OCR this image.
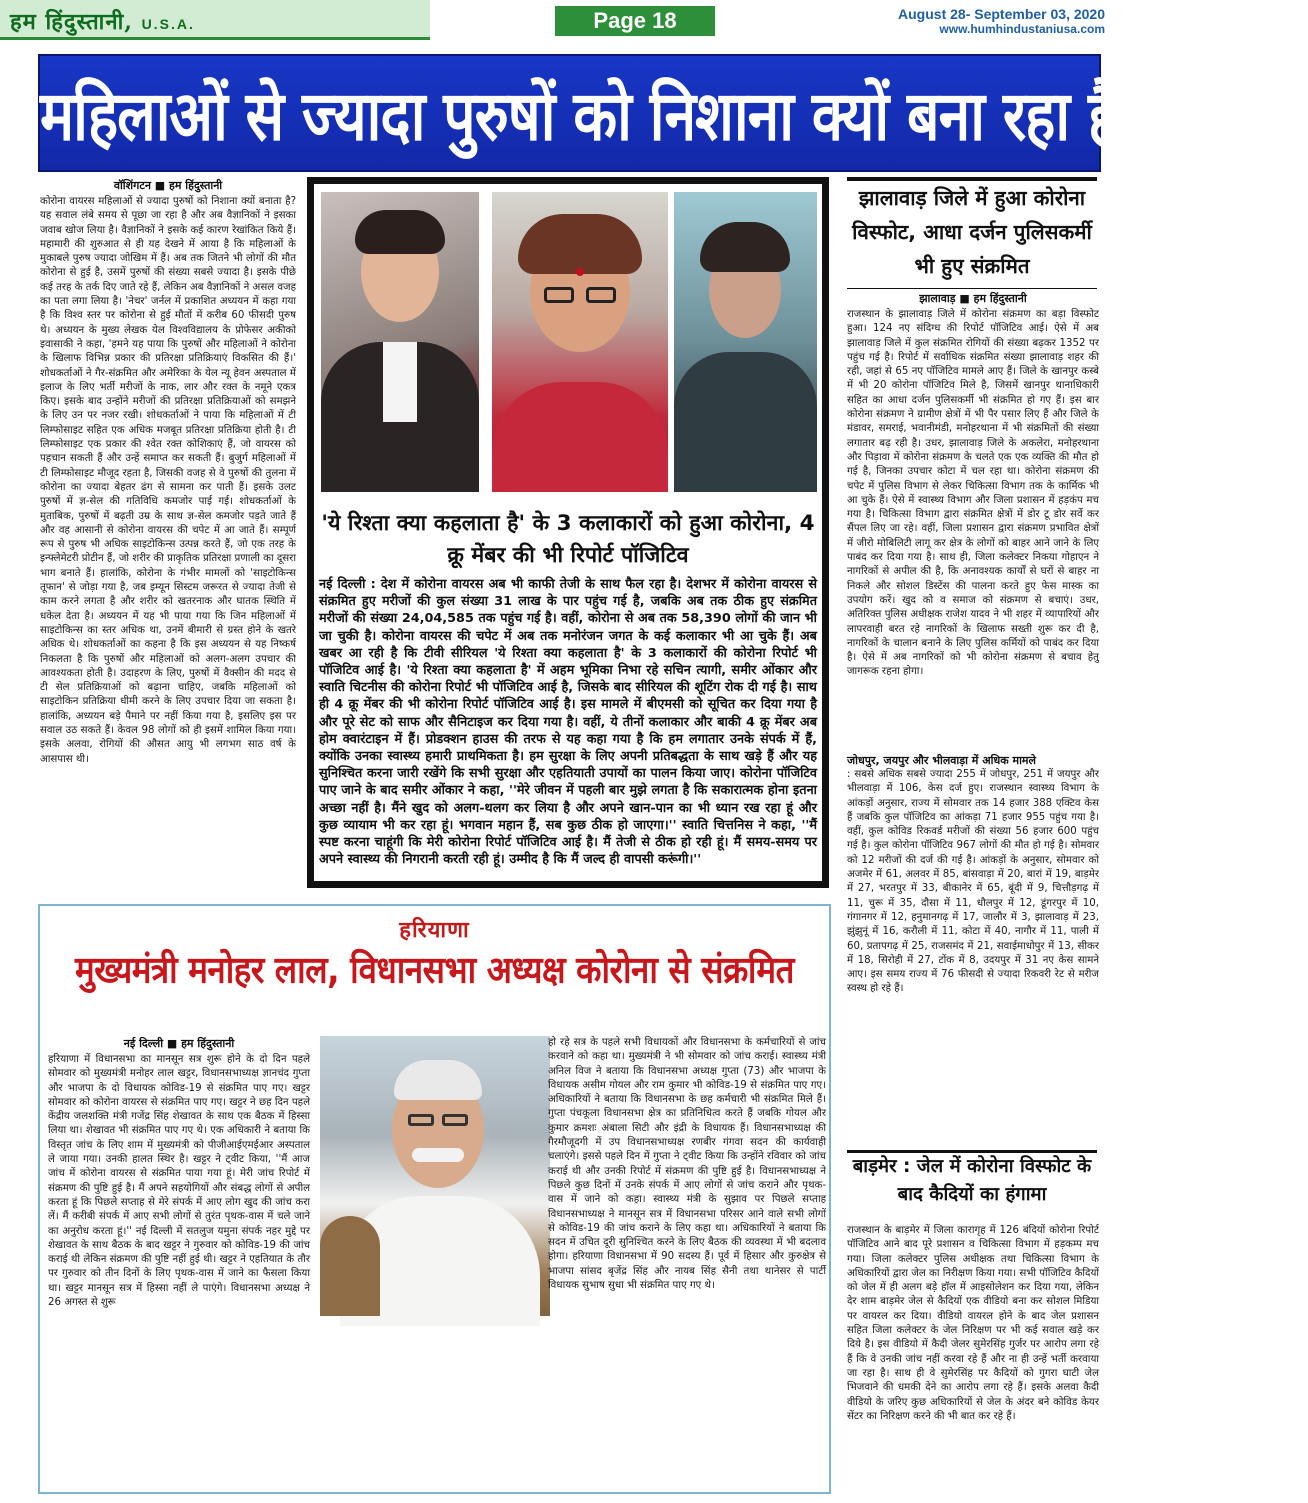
हम हिंदुस्तानी, U.S.A.	Page 18	August 28- September 03, 2020
www.humhindustaniusa.com
महिलाओं से ज्यादा पुरुषों को निशाना क्यों बना रहा है कोरोना?
वॉशिंगटन ■ हम हिंदुस्तानी
कोरोना वायरस महिलाओं से ज्यादा पुरुषों को निशाना क्यों बनाता है? यह सवाल लंबे समय से पूछा जा रहा है और अब वैज्ञानिकों ने इसका जवाब खोज लिया है। वैज्ञानिकों ने इसके कई कारण रेखांकित किये हैं। महामारी की शुरुआत से ही यह देखने में आया है कि महिलाओं के मुकाबले पुरुष ज्यादा जोखिम में हैं। अब तक जितने भी लोगों की मौत कोरोना से हुई है, उसमें पुरुषों की संख्या सबसे ज्यादा है। इसके पीछे कई तरह के तर्क दिए जाते रहे हैं, लेकिन अब वैज्ञानिकों ने असल वजह का पता लगा लिया है। 'नेचर' जर्नल में प्रकाशित अध्ययन में कहा गया है कि विश्व स्तर पर कोरोना से हुई मौतों में करीब 60 फीसदी पुरुष थे। अध्ययन के मुख्य लेखक येल विश्वविद्यालय के प्रोफेसर अकीको इवासाकी ने कहा, 'हमने यह पाया कि पुरुषों और महिलाओं ने कोरोना के खिलाफ विभिन्न प्रकार की प्रतिरक्षा प्रतिक्रियाएं विकसित की हैं।' शोधकर्ताओं ने गैर-संक्रमित और अमेरिका के येल न्यू हेवन अस्पताल में इलाज के लिए भर्ती मरीजों के नाक, लार और रक्त के नमूने एकत्र किए। इसके बाद उन्होंने मरीजों की प्रतिरक्षा प्रतिक्रियाओं को समझने के लिए उन पर नजर रखी। शोधकर्ताओं ने पाया कि महिलाओं में टी लिम्फोसाइट सहित एक अधिक मजबूत प्रतिरक्षा प्रतिक्रिया होती है। टी लिम्फोसाइट एक प्रकार की श्वेत रक्त कोशिकाएं हैं, जो वायरस को पहचान सकती हैं और उन्हें समाप्त कर सकती हैं। बुजुर्ग महिलाओं में टी लिम्फोसाइट मौजूद रहता है, जिसकी वजह से वे पुरुषों की तुलना में कोरोना का ज्यादा बेहतर ढंग से सामना कर पाती हैं। इसके उलट पुरुषों में ज्ञ-सेल की गतिविधि कमजोर पाई गई। शोधकर्ताओं के मुताबिक, पुरुषों में बढ़ती उम्र के साथ ज्ञ-सेल कमजोर पड़ते जाते हैं और वह आसानी से कोरोना वायरस की चपेट में आ जाते हैं। सम्पूर्ण रूप से पुरुष भी अधिक साइटोकिन्स उत्पन्न करते हैं, जो एक तरह के इन्फ्लेमेटरी प्रोटीन हैं, जो शरीर की प्राकृतिक प्रतिरक्षा प्रणाली का दूसरा भाग बनाते हैं। हालांकि, कोरोना के गंभीर मामलों को 'साइटोकिन्स तूफान' से जोड़ा गया है, जब इम्यून सिस्टम जरूरत से ज्यादा तेजी से काम करने लगता है और शरीर को खतरनाक और घातक स्थिति में धकेल देता है। अध्ययन में यह भी पाया गया कि जिन महिलाओं में साइटोकिन्स का स्तर अधिक था, उनमें बीमारी से ग्रस्त होने के खतरे अधिक थे। शोधकर्ताओं का कहना है कि इस अध्ययन से यह निष्कर्ष निकलता है कि पुरुषों और महिलाओं को अलग-अलग उपचार की आवश्यकता होती है। उदाहरण के लिए, पुरुषों में वैक्सीन की मदद से टी सेल प्रतिक्रियाओं को बढ़ाना चाहिए, जबकि महिलाओं को साइटोकिन प्रतिक्रिया धीमी करने के लिए उपचार दिया जा सकता है। हालांकि, अध्ययन बड़े पैमाने पर नहीं किया गया है, इसलिए इस पर सवाल उठ सकते हैं। केवल 98 लोगों को ही इसमें शामिल किया गया। इसके अलवा, रोगियों की औसत आयु भी लगभग साठ वर्ष के आसपास थी।
'ये रिश्ता क्या कहलाता है' के 3 कलाकारों को हुआ कोरोना, 4 क्रू मेंबर की भी रिपोर्ट पॉजिटिव
नई दिल्ली : देश में कोरोना वायरस अब भी काफी तेजी के साथ फैल रहा है। देशभर में कोरोना वायरस से संक्रमित हुए मरीजों की कुल संख्या 31 लाख के पार पहुंच गई है, जबकि अब तक ठीक हुए संक्रमित मरीजों की संख्या 24,04,585 तक पहुंच गई है। वहीं, कोरोना से अब तक 58,390 लोगों की जान भी जा चुकी है। कोरोना वायरस की चपेट में अब तक मनोरंजन जगत के कई कलाकार भी आ चुके हैं। अब खबर आ रही है कि टीवी सीरियल 'ये रिश्ता क्या कहलाता है' के 3 कलाकारों की कोरोना रिपोर्ट भी पॉजिटिव आई है। 'ये रिश्ता क्या कहलाता है' में अहम भूमिका निभा रहे सचिन त्यागी, समीर ओंकार और स्वाति चिटनीस की कोरोना रिपोर्ट भी पॉजिटिव आई है, जिसके बाद सीरियल की शूटिंग रोक दी गई है। साथ ही 4 क्रू मेंबर की भी कोरोना रिपोर्ट पॉजिटिव आई है। इस मामले में बीएमसी को सूचित कर दिया गया है और पूरे सेट को साफ और सैनिटाइज कर दिया गया है। वहीं, ये तीनों कलाकार और बाकी 4 क्रू मेंबर अब होम क्वारंटाइन में हैं। प्रोडक्शन हाउस की तरफ से यह कहा गया है कि हम लगातार उनके संपर्क में हैं, क्योंकि उनका स्वास्थ्य हमारी प्राथमिकता है। हम सुरक्षा के लिए अपनी प्रतिबद्धता के साथ खड़े हैं और यह सुनिश्चित करना जारी रखेंगे कि सभी सुरक्षा और एहतियाती उपायों का पालन किया जाए। कोरोना पॉजिटिव पाए जाने के बाद समीर ओंकार ने कहा, ''मेरे जीवन में पहली बार मुझे लगता है कि सकारात्मक होना इतना अच्छा नहीं है। मैंने खुद को अलग-थलग कर लिया है और अपने खान-पान का भी ध्यान रख रहा हूं और कुछ व्यायाम भी कर रहा हूं। भगवान महान हैं, सब कुछ ठीक हो जाएगा।'' स्वाति चित्तनिस ने कहा, ''मैं स्पष्ट करना चाहूंगी कि मेरी कोरोना रिपोर्ट पॉजिटिव आई है। मैं तेजी से ठीक हो रही हूं। मैं समय-समय पर अपने स्वास्थ्य की निगरानी करती रही हूं। उम्मीद है कि मैं जल्द ही वापसी करूंगी।''
झालावाड़ जिले में हुआ कोरोना विस्फोट, आधा दर्जन पुलिसकर्मी भी हुए संक्रमित
झालावाड़ ■ हम हिंदुस्तानी
राजस्थान के झालावाड़ जिले में कोरोना संक्रमण का बड़ा विस्फोट हुआ। 124 नए संदिग्ध की रिपोर्ट पॉजिटिव आई। ऐसे में अब झालावाड़ जिले में कुल संक्रमित रोगियों की संख्या बढ़कर 1352 पर पहुंच गई है। रिपोर्ट में सर्वाधिक संक्रमित संख्या झालावाड़ शहर की रही, जहां से 65 नए पॉजिटिव मामले आए हैं। जिले के खानपुर कस्बे में भी 20 कोरोना पॉजिटिव मिले है, जिसमें खानपुर थानाधिकारी सहित का आधा दर्जन पुलिसकर्मी भी संक्रमित हो गए हैं। इस बार कोरोना संक्रमण ने ग्रामीण क्षेत्रों में भी पैर पसार लिए हैं और जिले के मंडावर, समराई, भवानीमंडी, मनोहरथाना में भी संक्रमितों की संख्या लगातार बढ़ रही है। उधर, झालावाड़ जिले के अकलेरा, मनोहरथाना और पिड़ावा में कोरोना संक्रमण के चलते एक एक व्यक्ति की मौत हो गई है, जिनका उपचार कोटा में चल रहा था। कोरोना संक्रमण की चपेट में पुलिस विभाग से लेकर चिकित्सा विभाग तक के कार्मिक भी आ चुके हैं। ऐसे में स्वास्थ्य विभाग और जिला प्रशासन में हड़कंप मच गया है। चिकित्सा विभाग द्वारा संक्रमित क्षेत्रों में डोर टू डोर सर्वे कर सैंपल लिए जा रहे। वहीं, जिला प्रशासन द्वारा संक्रमण प्रभावित क्षेत्रों में जीरो मोबिलिटी लागू कर क्षेत्र के लोगों को बाहर आने जाने के लिए पाबंद कर दिया गया है। साथ ही, जिला कलेक्टर निकया गोहाएन ने नागरिकों से अपील की है, कि अनावश्यक कार्यों से घरों से बाहर ना निकले और सोशल डिस्टेंस की पालना करते हुए फेस मास्क का उपयोग करें। खुद को व समाज को संक्रमण से बचाएं। उधर, अतिरिक्त पुलिस अधीक्षक राजेश यादव ने भी शहर में व्यापारियों और लापरवाही बरत रहे नागरिकों के खिलाफ सख्ती शुरू कर दी है, नागरिकों के चालान बनाने के लिए पुलिस कर्मियों को पाबंद कर दिया है। ऐसे में अब नागरिकों को भी कोरोना संक्रमण से बचाव हेतु जागरूक रहना होगा।
जोधपुर, जयपुर और भीलवाड़ा में अधिक मामले
: सबसे अधिक सबसे ज्यादा 255 में जोधपुर, 251 में जयपुर और भीलवाड़ा में 106, केस दर्ज हुए। राजस्थान स्वास्थ्य विभाग के आंकड़ों अनुसार, राज्य में सोमवार तक 14 हजार 388 एक्टिव केस हैं जबकि कुल पॉजिटिव का आंकड़ा 71 हजार 955 पहुंच गया है। वहीं, कुल कोविड रिकवर्ड मरीजों की संख्या 56 हजार 600 पहुंच गई है। कुल कोरोना पॉजिटिव 967 लोगों की मौत हो गई है। सोमवार को 12 मरीजों की दर्ज की गई है। आंकड़ों के अनुसार, सोमवार को अजमेर में 61, अलवर में 85, बांसवाड़ा में 20, बारां में 19, बाड़मेर में 27, भरतपुर में 33, बीकानेर में 65, बूंदी में 9, चित्तौड़गढ़ में 11, चुरू में 35, दौसा में 11, धौलपुर में 12, डूंगरपुर में 10, गंगानगर में 12, हनुमानगढ़ में 17, जालौर में 3, झालावाड़ में 23, झुंझुनूं में 16, करौली में 11, कोटा में 40, नागौर में 11, पाली में 60, प्रतापगढ़ में 25, राजसमंद में 21, सवाईमाधोपुर में 13, सीकर में 18, सिरोही में 27, टोंक में 8, उदयपुर में 31 नए केस सामने आए। इस समय राज्य में 76 फीसदी से ज्यादा रिकवरी रेट से मरीज स्वस्थ हो रहे हैं।
बाड़मेर : जेल में कोरोना विस्फोट के बाद कैदियों का हंगामा
राजस्थान के बाड़मेर में जिला कारागृह में 126 बंदियों कोरोना रिपोर्ट पॉजिटिव आने बाद पूरे प्रशासन व चिकित्सा विभाग में हड़कम्प मच गया। जिला कलेक्टर पुलिस अधीक्षक तथा चिकित्सा विभाग के अधिकारियों द्वारा जेल का निरीक्षण किया गया। सभी पॉजिटिव कैदियों को जेल में ही अलग बड़े हॉल में आइसोलेशन कर दिया गया, लेकिन देर शाम बाड़मेर जेल से कैदियों एक वीडियो बना कर सोशल मिडिया पर वायरल कर दिया। वीडियो वायरल होने के बाद जेल प्रशासन सहित जिला कलेक्टर के जेल निरिक्षण पर भी कई सवाल खड़े कर दिये है। इस वीडियो में कैदी जेलर सुमेरसिंह गुर्जर पर आरोप लगा रहे हैं कि वे उनकी जांच नहीं करवा रहे हैं और ना ही उन्हें भर्ती करवाया जा रहा है। साथ ही वे सुमेरसिंह पर कैदियों को गुगरा घाटी जेल भिजवाने की धमकी देने का आरोप लगा रहे हैं। इसके अलवा कैदी वीडियो के जरिए कुछ अधिकारियों से जेल के अंदर बने कोविड केयर सेंटर का निरिक्षण करने की भी बात कर रहे हैं।
हरियाणा
मुख्यमंत्री मनोहर लाल, विधानसभा अध्यक्ष कोरोना से संक्रमित
नई दिल्ली ■ हम हिंदुस्तानी
हरियाणा में विधानसभा का मानसून सत्र शुरू होने के दो दिन पहले सोमवार को मुख्यमंत्री मनोहर लाल खट्टर, विधानसभाध्यक्ष ज्ञानचंद गुप्ता और भाजपा के दो विधायक कोविड-19 से संक्रमित पाए गए। खट्टर सोमवार को कोरोना वायरस से संक्रमित पाए गए। खट्टर ने छह दिन पहले केंद्रीय जलशक्ति मंत्री गजेंद्र सिंह शेखावत के साथ एक बैठक में हिस्सा लिया था। शेखावत भी संक्रमित पाए गए थे। एक अधिकारी ने बताया कि विस्तृत जांच के लिए शाम में मुख्यमंत्री को पीजीआईएमईआर अस्पताल ले जाया गया। उनकी हालत स्थिर है। खट्टर ने ट्वीट किया, ''मैं आज जांच में कोरोना वायरस से संक्रमित पाया गया हूं। मेरी जांच रिपोर्ट में संक्रमण की पुष्टि हुई है। मैं अपने सहयोगियों और संबद्ध लोगों से अपील करता हूं कि पिछले सप्ताह से मेरे संपर्क में आए लोग खुद की जांच करा लें। मैं करीबी संपर्क में आए सभी लोगों से तुरंत पृथक-वास में चले जाने का अनुरोध करता हूं।'' नई दिल्ली में सतलुज यमुना संपर्क नहर मुद्दे पर शेखावत के साथ बैठक के बाद खट्टर ने गुरुवार को कोविड-19 की जांच कराई थी लेकिन संक्रमण की पुष्टि नहीं हुई थी। खट्टर ने एहतियात के तौर पर गुरुवार को तीन दिनों के लिए पृथक-वास में जाने का फैसला किया था। खट्टर मानसून सत्र में हिस्सा नहीं ले पाएंगे। विधानसभा अध्यक्ष ने 26 अगस्त से शुरू
हो रहे सत्र के पहले सभी विधायकों और विधानसभा के कर्मचारियों से जांच करवाने को कहा था। मुख्यमंत्री ने भी सोमवार को जांच कराई। स्वास्थ्य मंत्री अनिल विज ने बताया कि विधानसभा अध्यक्ष गुप्ता (73) और भाजपा के विधायक असीम गोयल और राम कुमार भी कोविड-19 से संक्रमित पाए गए। अधिकारियों ने बताया कि विधानसभा के छह कर्मचारी भी संक्रमित मिले हैं। गुप्ता पंचकूला विधानसभा क्षेत्र का प्रतिनिधित्व करते हैं जबकि गोयल और कुमार क्रमशः अंबाला सिटी और इंद्री के विधायक हैं। विधानसभाध्यक्ष की गैरमौजूदगी में उप विधानसभाध्यक्ष रणबीर गंगवा सदन की कार्यवाही चलाएंगे। इससे पहले दिन में गुप्ता ने ट्वीट किया कि उन्होंने रविवार को जांच कराई थी और उनकी रिपोर्ट में संक्रमण की पुष्टि हुई है। विधानसभाध्यक्ष ने पिछले कुछ दिनों में उनके संपर्क में आए लोगों से जांच कराने और पृथक-वास में जाने को कहा। स्वास्थ्य मंत्री के सुझाव पर पिछले सप्ताह विधानसभाध्यक्ष ने मानसून सत्र में विधानसभा परिसर आने वाले सभी लोगों से कोविड-19 की जांच कराने के लिए कहा था। अधिकारियों ने बताया कि सदन में उचित दूरी सुनिश्चित करने के लिए बैठक की व्यवस्था में भी बदलाव होगा। हरियाणा विधानसभा में 90 सदस्य हैं। पूर्व में हिसार और कुरुक्षेत्र से भाजपा सांसद बृजेंद्र सिंह और नायब सिंह सैनी तथा थानेसर से पार्टी विधायक सुभाष सुधा भी संक्रमित पाए गए थे।
